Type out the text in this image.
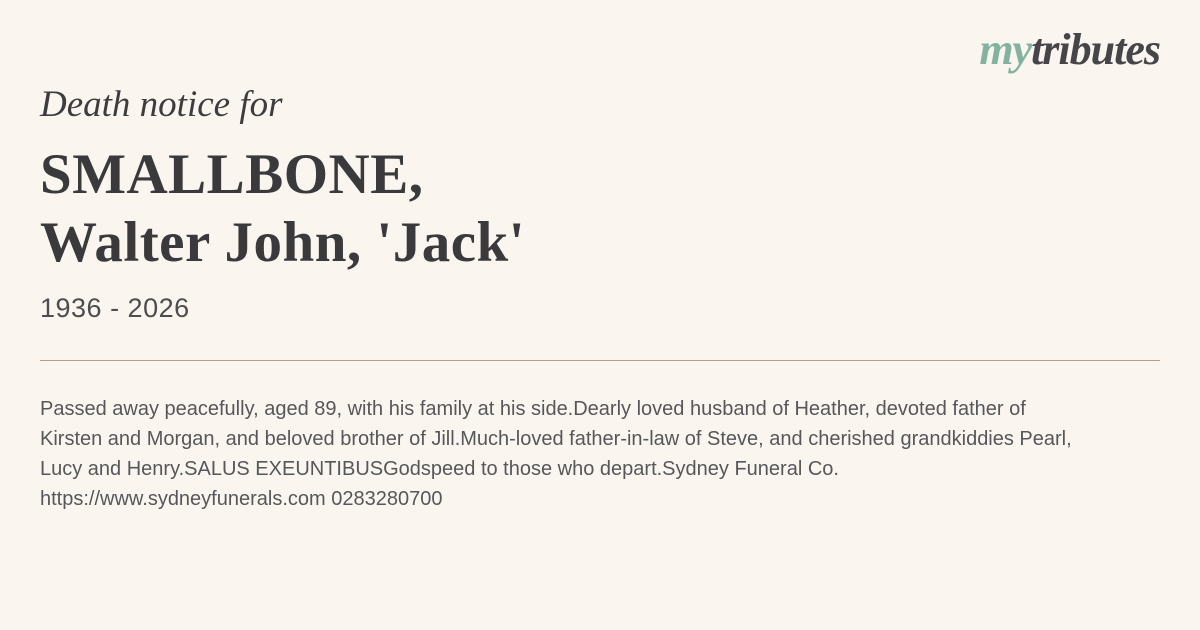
mytributes
Death notice for
SMALLBONE,
Walter John, 'Jack'
1936 - 2026

Passed away peacefully, aged 89, with his family at his side.Dearly loved husband of Heather, devoted father of Kirsten and Morgan, and beloved brother of Jill.Much-loved father-in-law of Steve, and cherished grandkiddies Pearl, Lucy and Henry.SALUS EXEUNTIBUSGodspeed to those who depart.Sydney Funeral Co. https://www.sydneyfunerals.com 0283280700
